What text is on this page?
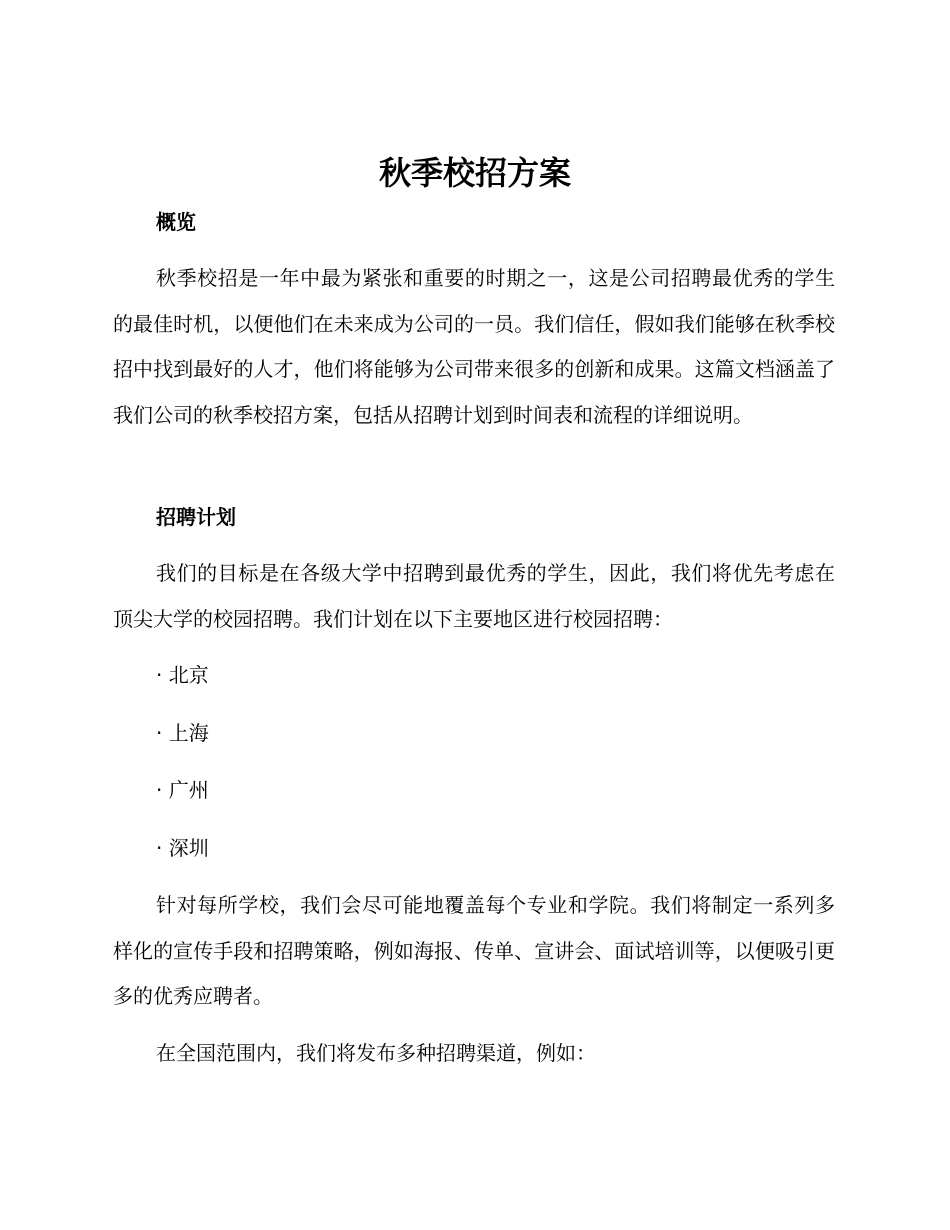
秋季校招方案
概览

秋季校招是一年中最为紧张和重要的时期之一，这是公司招聘最优秀的学生的最佳时机，以便他们在未来成为公司的一员。我们信任，假如我们能够在秋季校招中找到最好的人才，他们将能够为公司带来很多的创新和成果。这篇文档涵盖了我们公司的秋季校招方案，包括从招聘计划到时间表和流程的详细说明。

招聘计划

我们的目标是在各级大学中招聘到最优秀的学生，因此，我们将优先考虑在顶尖大学的校园招聘。我们计划在以下主要地区进行校园招聘：

· 北京
· 上海
· 广州
· 深圳

针对每所学校，我们会尽可能地覆盖每个专业和学院。我们将制定一系列多样化的宣传手段和招聘策略，例如海报、传单、宣讲会、面试培训等，以便吸引更多的优秀应聘者。

在全国范围内，我们将发布多种招聘渠道，例如：
